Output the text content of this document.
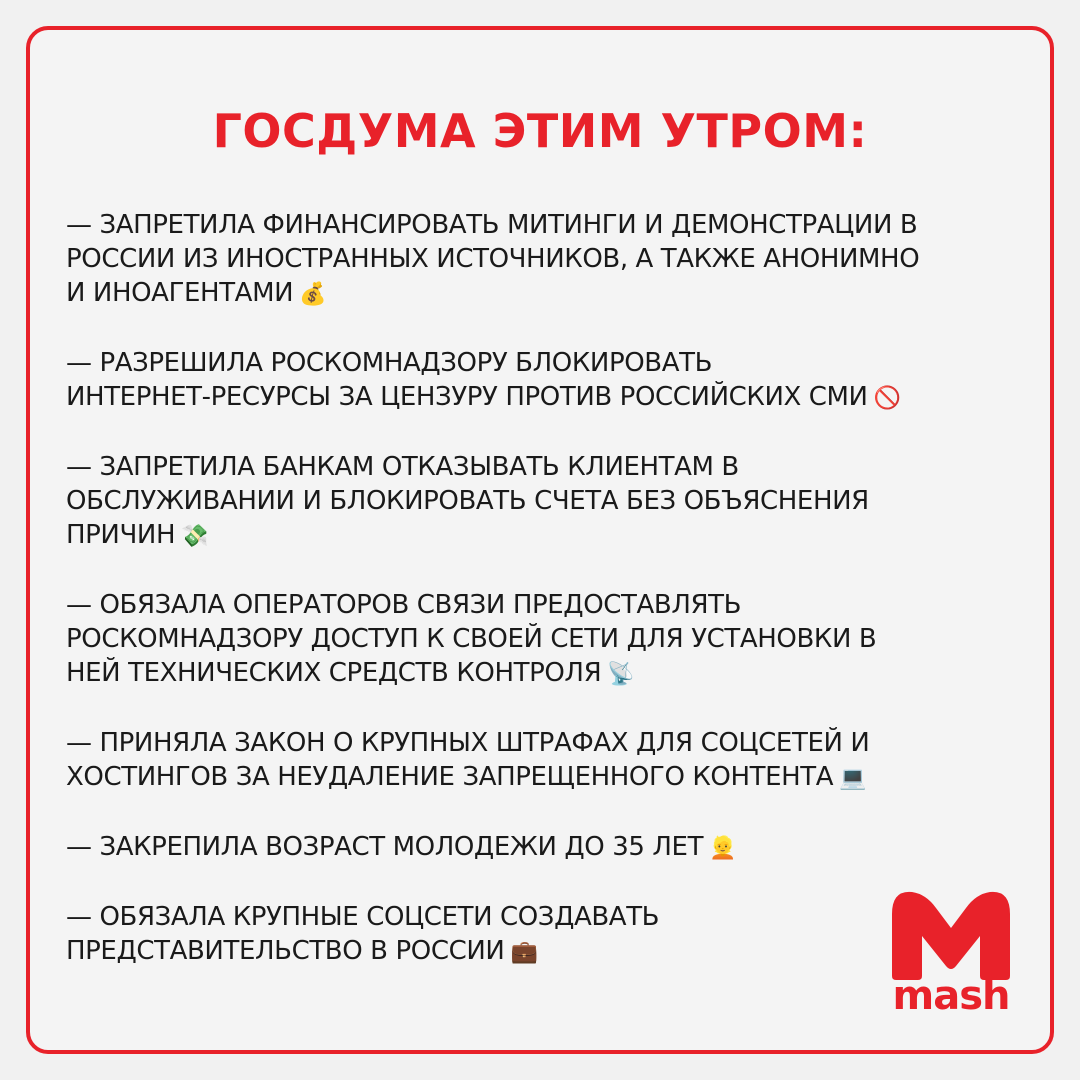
ГОСДУМА ЭТИМ УТРОМ:
— ЗАПРЕТИЛА ФИНАНСИРОВАТЬ МИТИНГИ И ДЕМОНСТРАЦИИ В
РОССИИ ИЗ ИНОСТРАННЫХ ИСТОЧНИКОВ, А ТАКЖЕ АНОНИМНО
И ИНОАГЕНТАМИ 💰
— РАЗРЕШИЛА РОСКОМНАДЗОРУ БЛОКИРОВАТЬ
ИНТЕРНЕТ-РЕСУРСЫ ЗА ЦЕНЗУРУ ПРОТИВ РОССИЙСКИХ СМИ 🚫
— ЗАПРЕТИЛА БАНКАМ ОТКАЗЫВАТЬ КЛИЕНТАМ В
ОБСЛУЖИВАНИИ И БЛОКИРОВАТЬ СЧЕТА БЕЗ ОБЪЯСНЕНИЯ
ПРИЧИН 💸
— ОБЯЗАЛА ОПЕРАТОРОВ СВЯЗИ ПРЕДОСТАВЛЯТЬ
РОСКОМНАДЗОРУ ДОСТУП К СВОЕЙ СЕТИ ДЛЯ УСТАНОВКИ В
НЕЙ ТЕХНИЧЕСКИХ СРЕДСТВ КОНТРОЛЯ 📡
— ПРИНЯЛА ЗАКОН О КРУПНЫХ ШТРАФАХ ДЛЯ СОЦСЕТЕЙ И
ХОСТИНГОВ ЗА НЕУДАЛЕНИЕ ЗАПРЕЩЕННОГО КОНТЕНТА 💻
— ЗАКРЕПИЛА ВОЗРАСТ МОЛОДЕЖИ ДО 35 ЛЕТ 👱
— ОБЯЗАЛА КРУПНЫЕ СОЦСЕТИ СОЗДАВАТЬ
ПРЕДСТАВИТЕЛЬСТВО В РОССИИ 💼
mash
